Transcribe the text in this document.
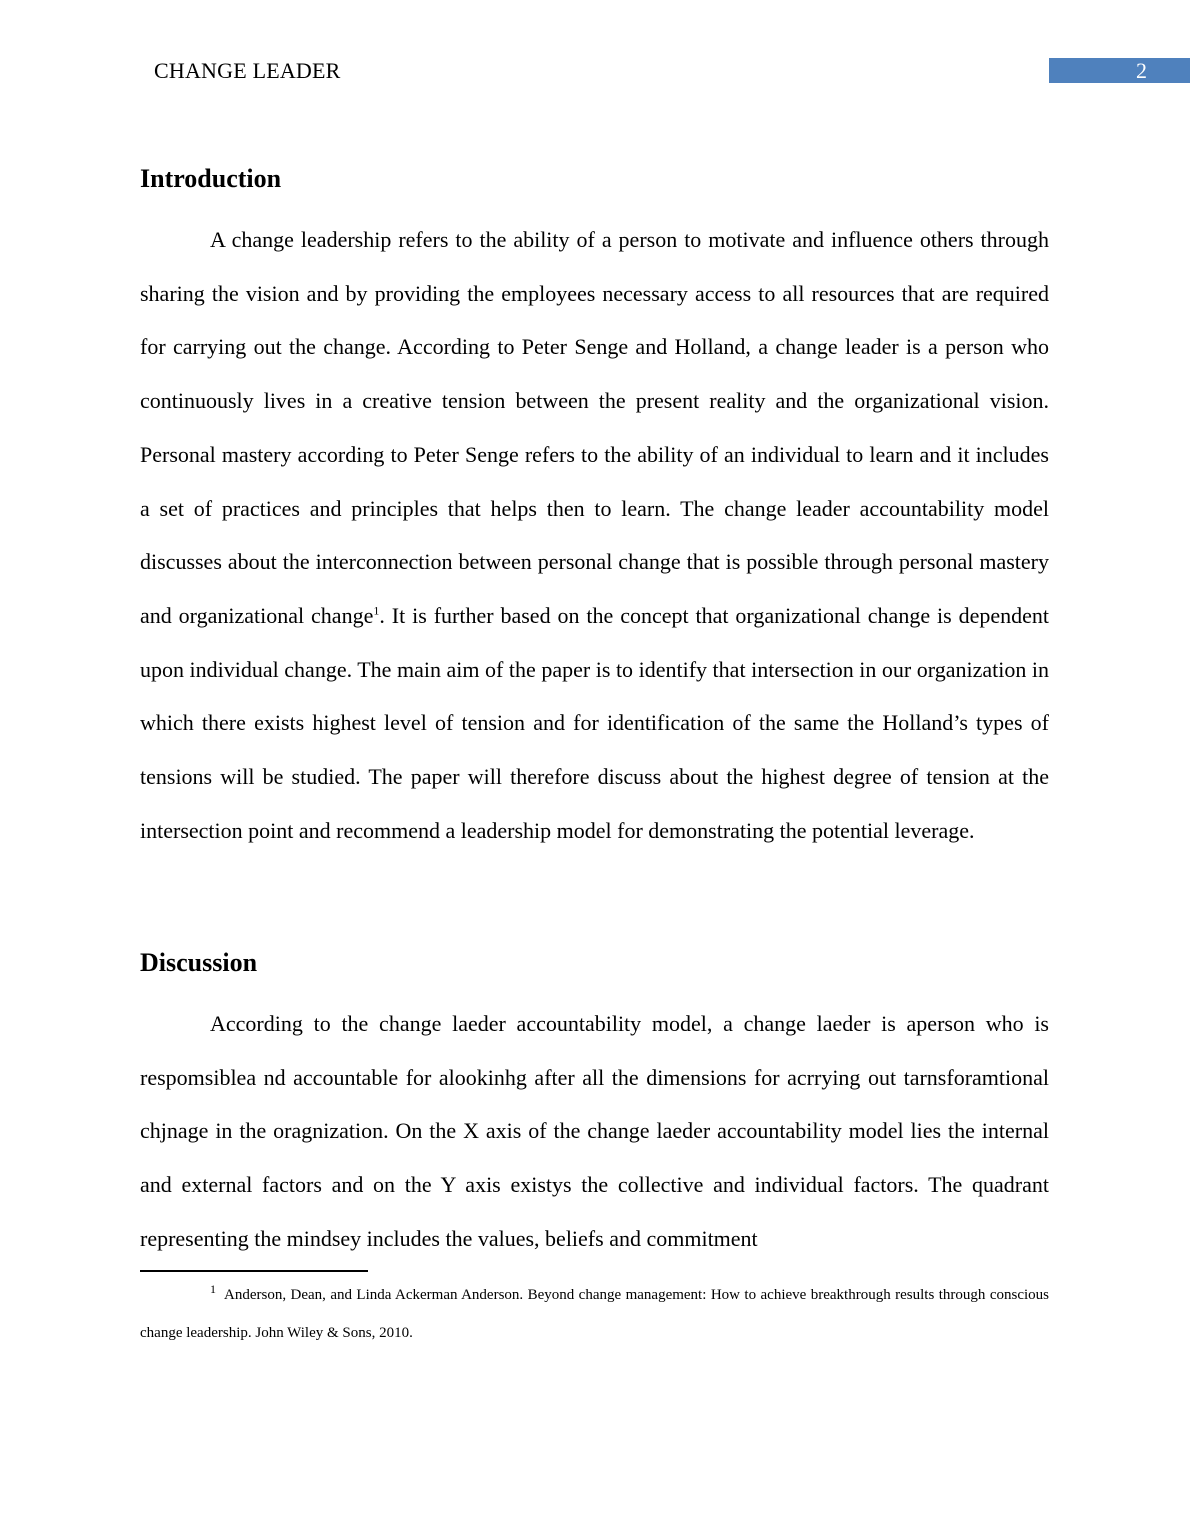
CHANGE LEADER	2
Introduction
A change leadership refers to the ability of a person to motivate and influence others through sharing the vision and by providing the employees necessary access to all resources that are required for carrying out the change. According to Peter Senge and Holland, a change leader is a person who continuously lives in a creative tension between the present reality and the organizational vision. Personal mastery according to Peter Senge refers to the ability of an individual to learn and it includes a set of practices and principles that helps then to learn. The change leader accountability model discusses about the interconnection between personal change that is possible through personal mastery and organizational change$^1$. It is further based on the concept that organizational change is dependent upon individual change. The main aim of the paper is to identify that intersection in our organization in which there exists highest level of tension and for identification of the same the Holland’s types of tensions will be studied. The paper will therefore discuss about the highest degree of tension at the intersection point and recommend a leadership model for demonstrating the potential leverage.
Discussion
According to the change laeder accountability model, a change laeder is aperson who is respomsiblea nd accountable for alookinhg after all the dimensions for acrrying out tarnsforamtional chjnage in the oragnization. On the X axis of the change laeder accountability model lies the internal and external factors and on the Y axis existys the collective and individual factors. The quadrant representing the mindsey includes the values, beliefs and commitment
$^1$ Anderson, Dean, and Linda Ackerman Anderson. Beyond change management: How to achieve breakthrough results through conscious change leadership. John Wiley & Sons, 2010.
